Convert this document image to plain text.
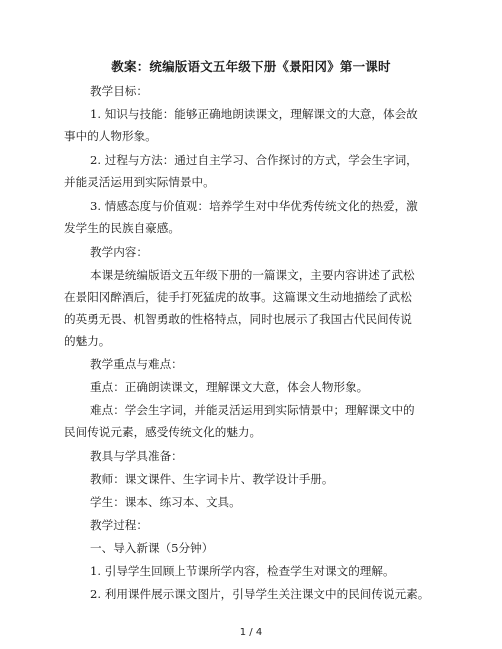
教案：统编版语文五年级下册《景阳冈》第一课时
教学目标：
1. 知识与技能：能够正确地朗读课文，理解课文的大意，体会故
事中的人物形象。
2. 过程与方法：通过自主学习、合作探讨的方式，学会生字词，
并能灵活运用到实际情景中。
3. 情感态度与价值观：培养学生对中华优秀传统文化的热爱，激
发学生的民族自豪感。
教学内容：
本课是统编版语文五年级下册的一篇课文，主要内容讲述了武松
在景阳冈醉酒后，徒手打死猛虎的故事。这篇课文生动地描绘了武松
的英勇无畏、机智勇敢的性格特点，同时也展示了我国古代民间传说
的魅力。
教学重点与难点：
重点：正确朗读课文，理解课文大意，体会人物形象。
难点：学会生字词，并能灵活运用到实际情景中；理解课文中的
民间传说元素，感受传统文化的魅力。
教具与学具准备：
教师：课文课件、生字词卡片、教学设计手册。
学生：课本、练习本、文具。
教学过程：
一、导入新课（5分钟）
1. 引导学生回顾上节课所学内容，检查学生对课文的理解。
2. 利用课件展示课文图片，引导学生关注课文中的民间传说元素。
1 / 4
